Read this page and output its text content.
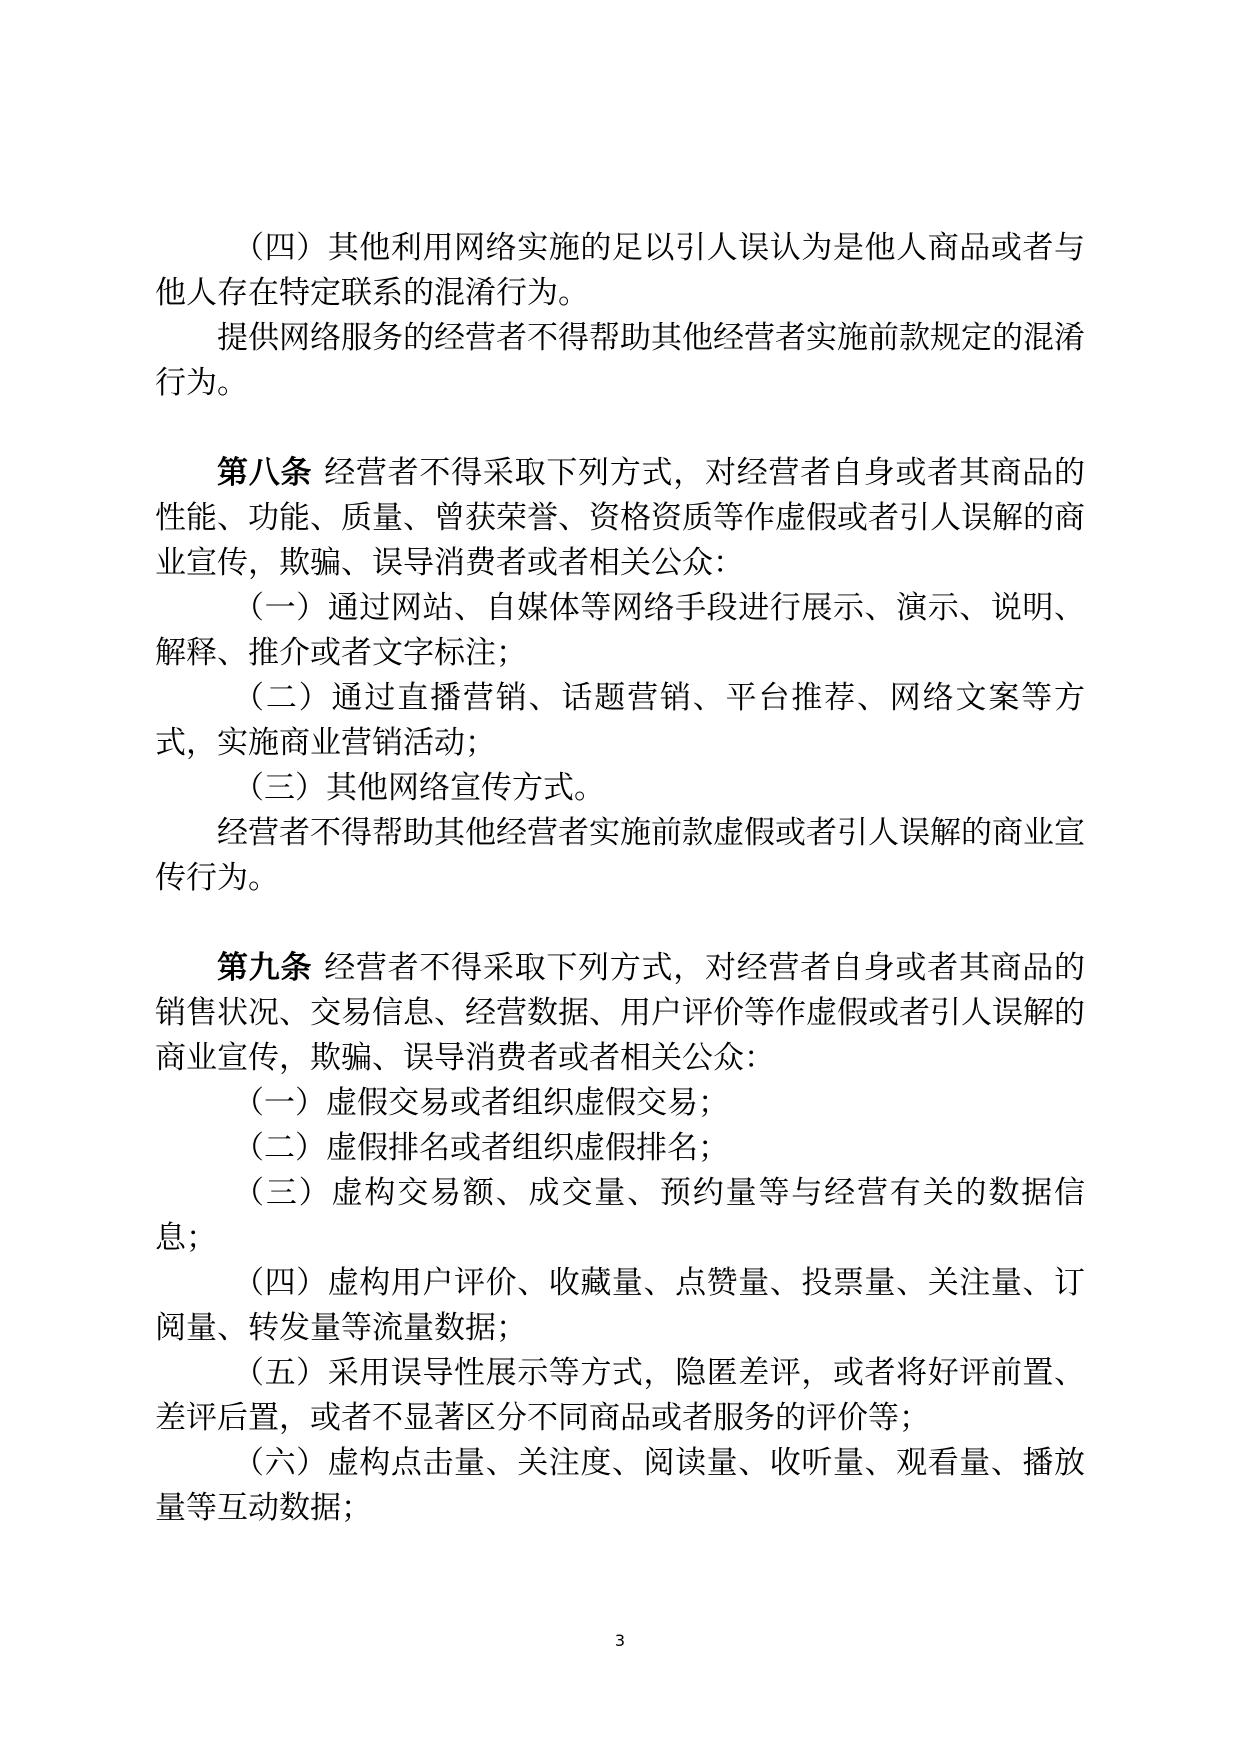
（四）其他利用网络实施的足以引人误认为是他人商品或者与他人存在特定联系的混淆行为。

提供网络服务的经营者不得帮助其他经营者实施前款规定的混淆行为。

第八条 经营者不得采取下列方式，对经营者自身或者其商品的性能、功能、质量、曾获荣誉、资格资质等作虚假或者引人误解的商业宣传，欺骗、误导消费者或者相关公众：

（一）通过网站、自媒体等网络手段进行展示、演示、说明、解释、推介或者文字标注；

（二）通过直播营销、话题营销、平台推荐、网络文案等方式，实施商业营销活动；

（三）其他网络宣传方式。

经营者不得帮助其他经营者实施前款虚假或者引人误解的商业宣传行为。

第九条 经营者不得采取下列方式，对经营者自身或者其商品的销售状况、交易信息、经营数据、用户评价等作虚假或者引人误解的商业宣传，欺骗、误导消费者或者相关公众：

（一）虚假交易或者组织虚假交易；

（二）虚假排名或者组织虚假排名；

（三）虚构交易额、成交量、预约量等与经营有关的数据信息；

（四）虚构用户评价、收藏量、点赞量、投票量、关注量、订阅量、转发量等流量数据；

（五）采用误导性展示等方式，隐匿差评，或者将好评前置、差评后置，或者不显著区分不同商品或者服务的评价等；

（六）虚构点击量、关注度、阅读量、收听量、观看量、播放量等互动数据；

3
